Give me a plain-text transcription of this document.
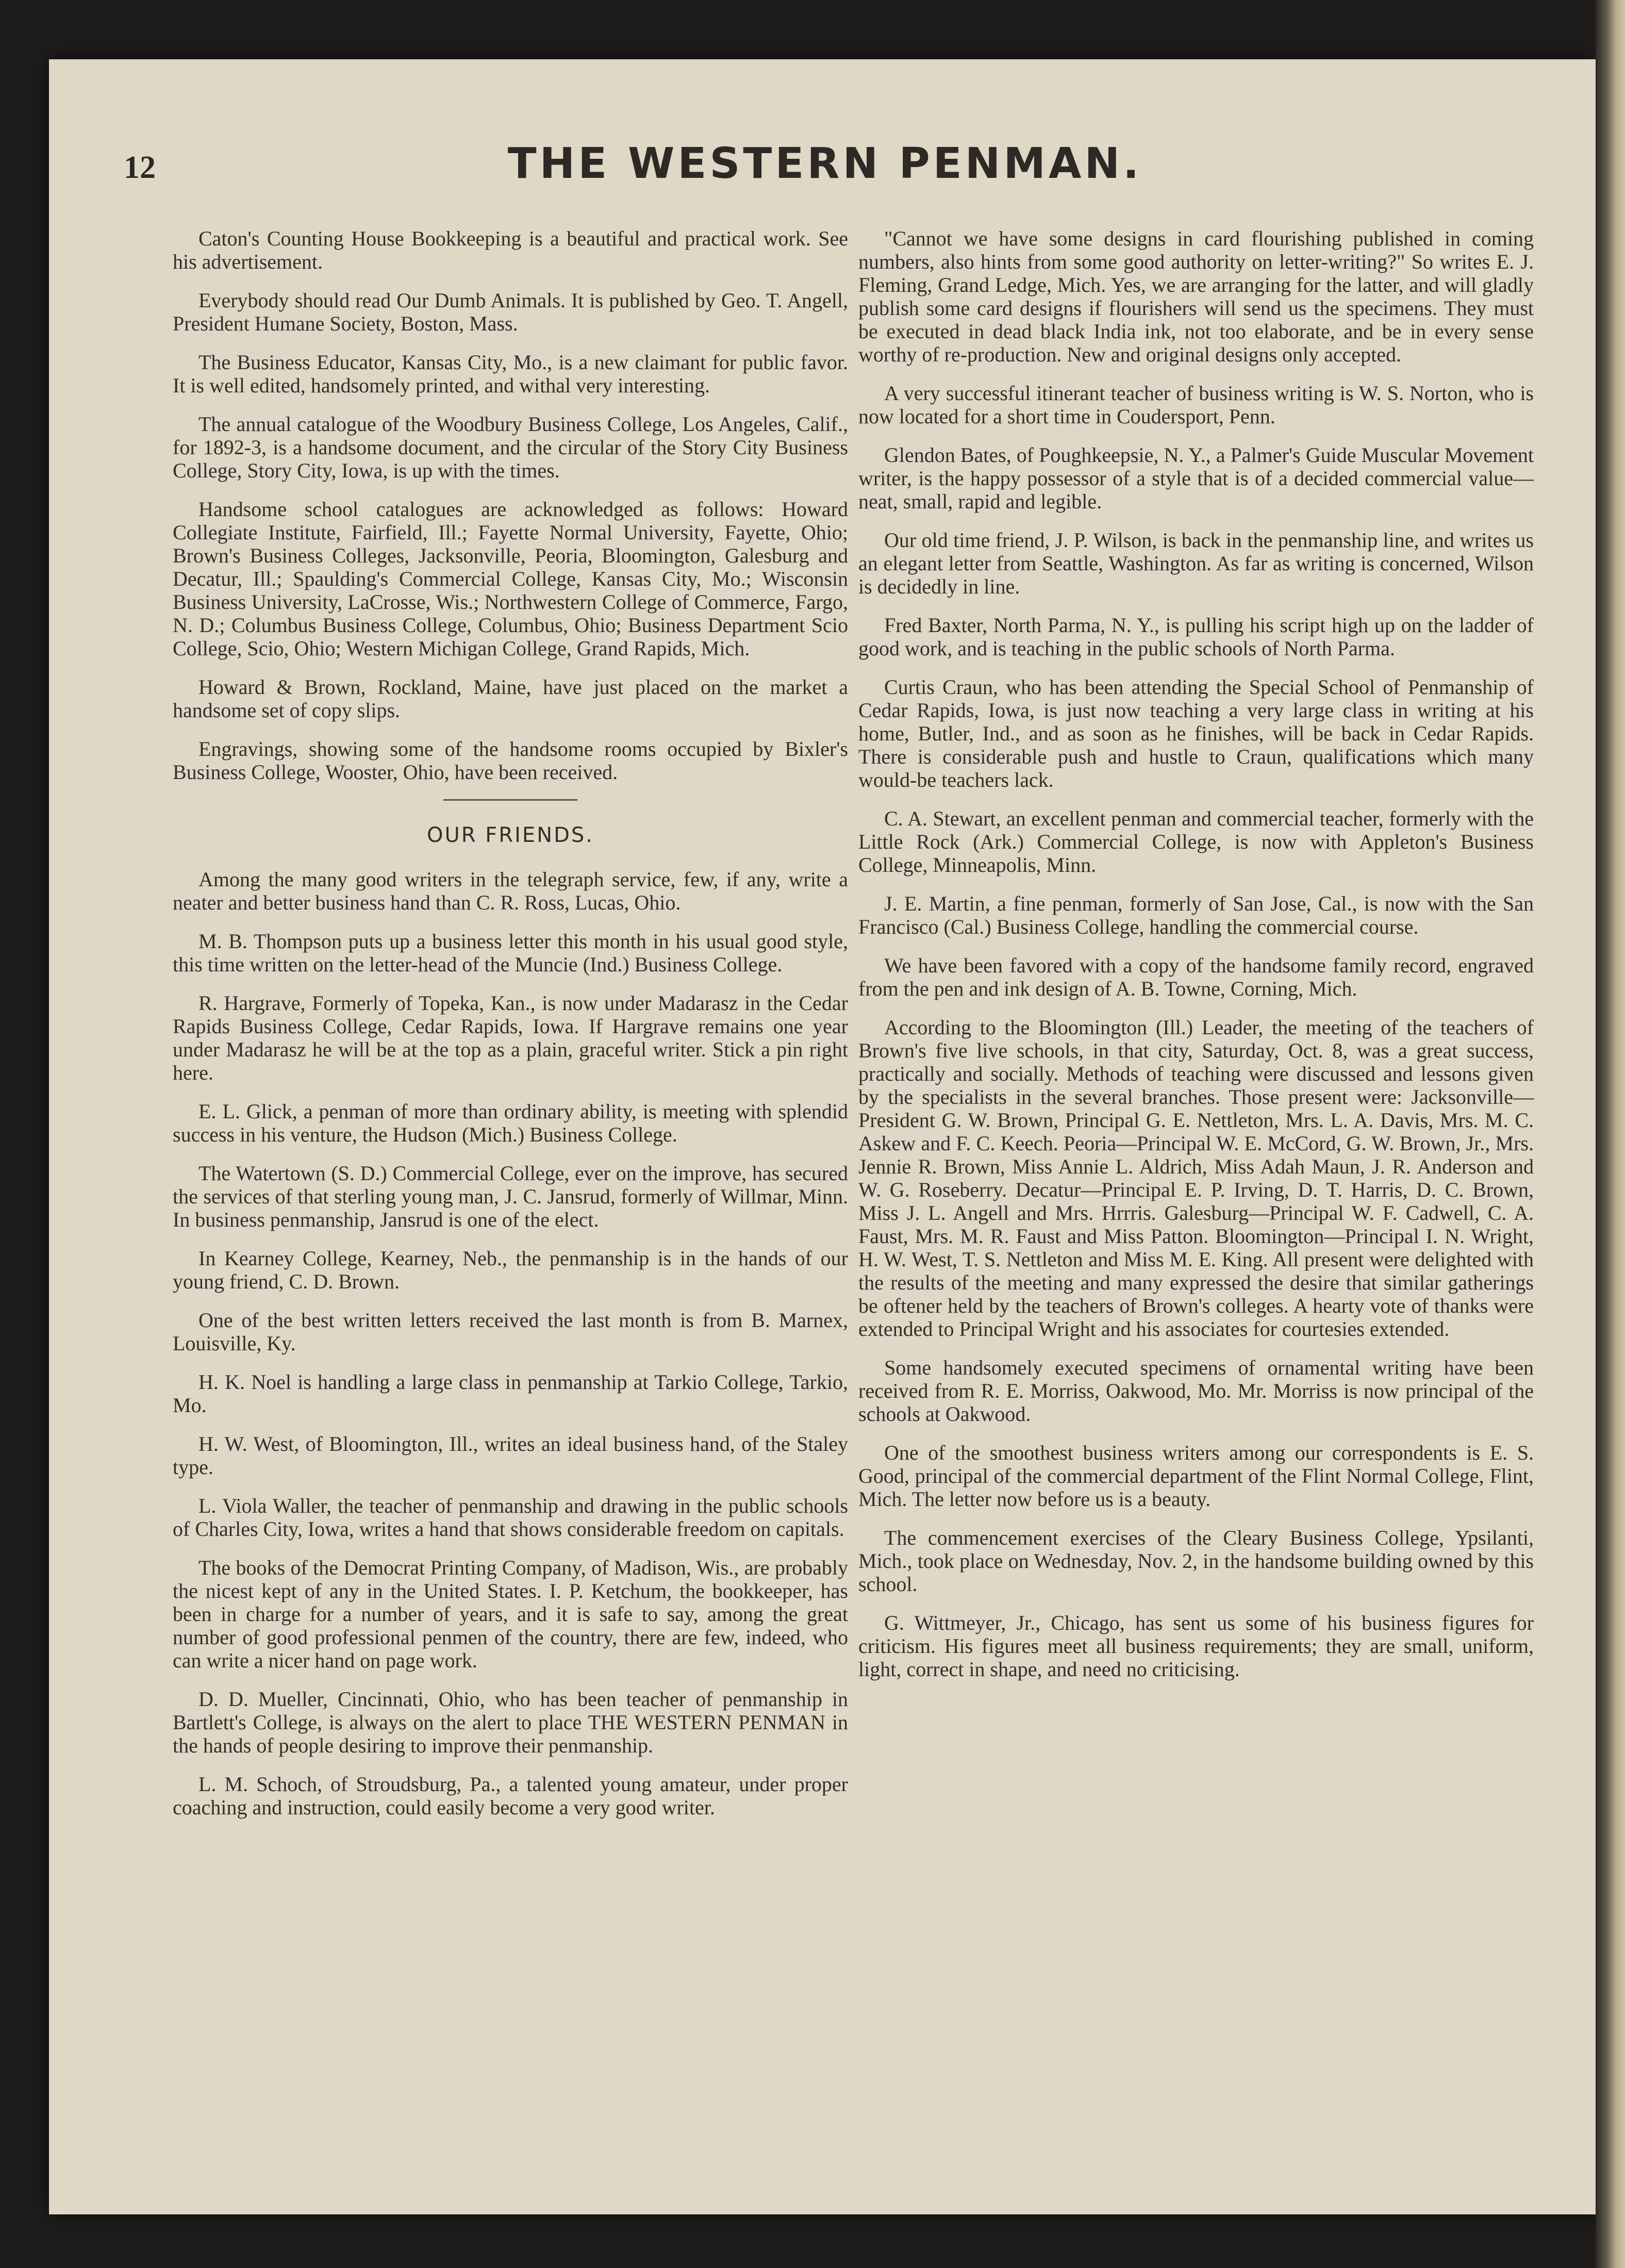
12	THE WESTERN PENMAN.

Caton's Counting House Bookkeeping is a beautiful and practical work. See his advertisement.

Everybody should read Our Dumb Animals. It is published by Geo. T. Angell, President Humane Society, Boston, Mass.

The Business Educator, Kansas City, Mo., is a new claimant for public favor. It is well edited, handsomely printed, and withal very interesting.

The annual catalogue of the Woodbury Business College, Los Angeles, Calif., for 1892-3, is a handsome document, and the circular of the Story City Business College, Story City, Iowa, is up with the times.

Handsome school catalogues are acknowledged as follows: Howard Collegiate Institute, Fairfield, Ill.; Fayette Normal University, Fayette, Ohio; Brown's Business Colleges, Jacksonville, Peoria, Bloomington, Galesburg and Decatur, Ill.; Spaulding's Commercial College, Kansas City, Mo.; Wisconsin Business University, LaCrosse, Wis.; Northwestern College of Commerce, Fargo, N. D.; Columbus Business College, Columbus, Ohio; Business Department Scio College, Scio, Ohio; Western Michigan College, Grand Rapids, Mich.

Howard & Brown, Rockland, Maine, have just placed on the market a handsome set of copy slips.

Engravings, showing some of the handsome rooms occupied by Bixler's Business College, Wooster, Ohio, have been received.

OUR FRIENDS.

Among the many good writers in the telegraph service, few, if any, write a neater and better business hand than C. R. Ross, Lucas, Ohio.

M. B. Thompson puts up a business letter this month in his usual good style, this time written on the letter-head of the Muncie (Ind.) Business College.

R. Hargrave, Formerly of Topeka, Kan., is now under Madarasz in the Cedar Rapids Business College, Cedar Rapids, Iowa. If Hargrave remains one year under Madarasz he will be at the top as a plain, graceful writer. Stick a pin right here.

E. L. Glick, a penman of more than ordinary ability, is meeting with splendid success in his venture, the Hudson (Mich.) Business College.

The Watertown (S. D.) Commercial College, ever on the improve, has secured the services of that sterling young man, J. C. Jansrud, formerly of Willmar, Minn. In business penmanship, Jansrud is one of the elect.

In Kearney College, Kearney, Neb., the penmanship is in the hands of our young friend, C. D. Brown.

One of the best written letters received the last month is from B. Marnex, Louisville, Ky.

H. K. Noel is handling a large class in penmanship at Tarkio College, Tarkio, Mo.

H. W. West, of Bloomington, Ill., writes an ideal business hand, of the Staley type.

L. Viola Waller, the teacher of penmanship and drawing in the public schools of Charles City, Iowa, writes a hand that shows considerable freedom on capitals.

The books of the Democrat Printing Company, of Madison, Wis., are probably the nicest kept of any in the United States. I. P. Ketchum, the bookkeeper, has been in charge for a number of years, and it is safe to say, among the great number of good professional penmen of the country, there are few, indeed, who can write a nicer hand on page work.

D. D. Mueller, Cincinnati, Ohio, who has been teacher of penmanship in Bartlett's College, is always on the alert to place THE WESTERN PENMAN in the hands of people desiring to improve their penmanship.

L. M. Schoch, of Stroudsburg, Pa., a talented young amateur, under proper coaching and instruction, could easily become a very good writer.

"Cannot we have some designs in card flourishing published in coming numbers, also hints from some good authority on letter-writing?" So writes E. J. Fleming, Grand Ledge, Mich. Yes, we are arranging for the latter, and will gladly publish some card designs if flourishers will send us the specimens. They must be executed in dead black India ink, not too elaborate, and be in every sense worthy of re-production. New and original designs only accepted.

A very successful itinerant teacher of business writing is W. S. Norton, who is now located for a short time in Coudersport, Penn.

Glendon Bates, of Poughkeepsie, N. Y., a Palmer's Guide Muscular Movement writer, is the happy possessor of a style that is of a decided commercial value—neat, small, rapid and legible.

Our old time friend, J. P. Wilson, is back in the penmanship line, and writes us an elegant letter from Seattle, Washington. As far as writing is concerned, Wilson is decidedly in line.

Fred Baxter, North Parma, N. Y., is pulling his script high up on the ladder of good work, and is teaching in the public schools of North Parma.

Curtis Craun, who has been attending the Special School of Penmanship of Cedar Rapids, Iowa, is just now teaching a very large class in writing at his home, Butler, Ind., and as soon as he finishes, will be back in Cedar Rapids. There is considerable push and hustle to Craun, qualifications which many would-be teachers lack.

C. A. Stewart, an excellent penman and commercial teacher, formerly with the Little Rock (Ark.) Commercial College, is now with Appleton's Business College, Minneapolis, Minn.

J. E. Martin, a fine penman, formerly of San Jose, Cal., is now with the San Francisco (Cal.) Business College, handling the commercial course.

We have been favored with a copy of the handsome family record, engraved from the pen and ink design of A. B. Towne, Corning, Mich.

According to the Bloomington (Ill.) Leader, the meeting of the teachers of Brown's five live schools, in that city, Saturday, Oct. 8, was a great success, practically and socially. Methods of teaching were discussed and lessons given by the specialists in the several branches. Those present were: Jacksonville—President G. W. Brown, Principal G. E. Nettleton, Mrs. L. A. Davis, Mrs. M. C. Askew and F. C. Keech. Peoria—Principal W. E. McCord, G. W. Brown, Jr., Mrs. Jennie R. Brown, Miss Annie L. Aldrich, Miss Adah Maun, J. R. Anderson and W. G. Roseberry. Decatur—Principal E. P. Irving, D. T. Harris, D. C. Brown, Miss J. L. Angell and Mrs. Hrrris. Galesburg—Principal W. F. Cadwell, C. A. Faust, Mrs. M. R. Faust and Miss Patton. Bloomington—Principal I. N. Wright, H. W. West, T. S. Nettleton and Miss M. E. King. All present were delighted with the results of the meeting and many expressed the desire that similar gatherings be oftener held by the teachers of Brown's colleges. A hearty vote of thanks were extended to Principal Wright and his associates for courtesies extended.

Some handsomely executed specimens of ornamental writing have been received from R. E. Morriss, Oakwood, Mo. Mr. Morriss is now principal of the schools at Oakwood.

One of the smoothest business writers among our correspondents is E. S. Good, principal of the commercial department of the Flint Normal College, Flint, Mich. The letter now before us is a beauty.

The commencement exercises of the Cleary Business College, Ypsilanti, Mich., took place on Wednesday, Nov. 2, in the handsome building owned by this school.

G. Wittmeyer, Jr., Chicago, has sent us some of his business figures for criticism. His figures meet all business requirements; they are small, uniform, light, correct in shape, and need no criticising.
